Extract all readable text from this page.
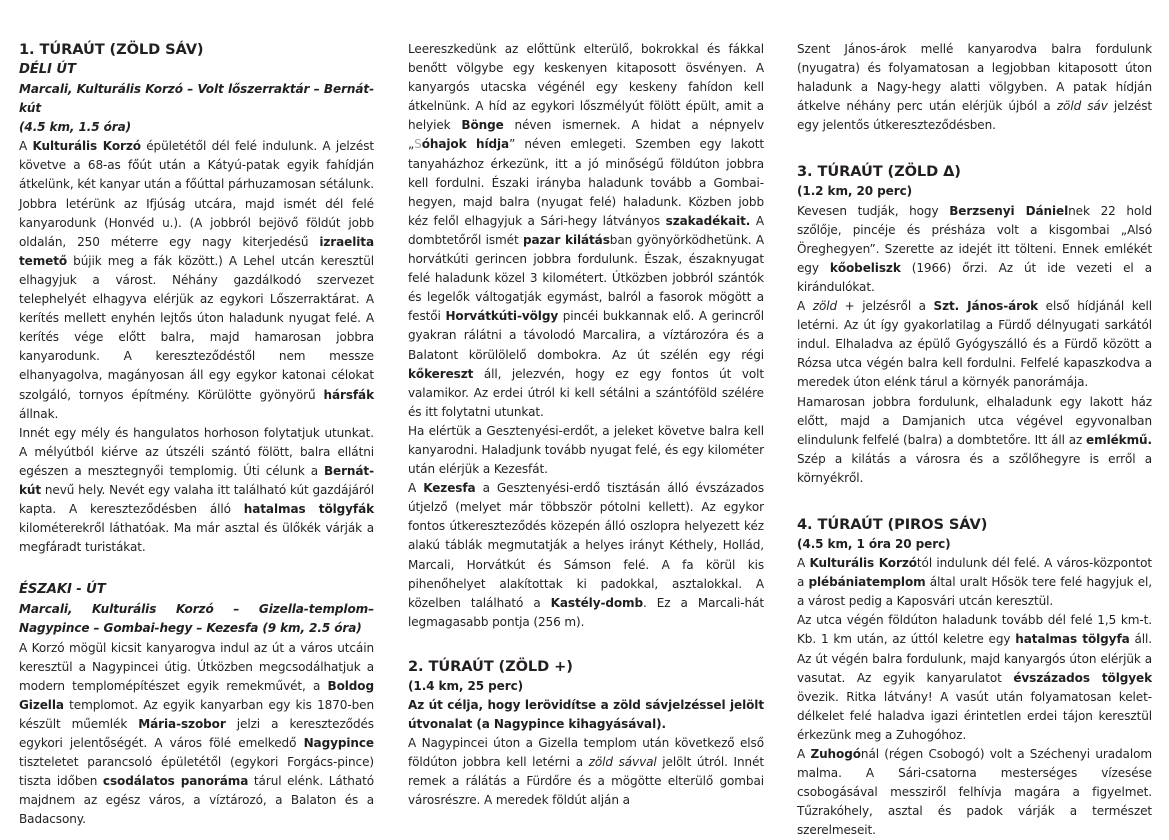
1. TÚRAÚT (ZÖLD SÁV)
DÉLI ÚT

Marcali, Kulturális Korzó – Volt lőszerraktár – Bernát-kút

(4.5 km, 1.5 óra)

A Kulturális Korzó épületétől dél felé indulunk. A jelzést követve a 68-as főút után a Kátyú-patak egyik fahídján átkelünk, két kanyar után a főúttal párhuzamosan sétálunk. Jobbra letérünk az Ifjúság utcára, majd ismét dél felé kanyarodunk (Honvéd u.). (A jobbról bejövő földút jobb oldalán, 250 méterre egy nagy kiterjedésű izraelita temető bújik meg a fák között.) A Lehel utcán keresztül elhagyjuk a várost. Néhány gazdálkodó szervezet telephelyét elhagyva elérjük az egykori Lőszerraktárat. A kerítés mellett enyhén lejtős úton haladunk nyugat felé. A kerítés vége előtt balra, majd hamarosan jobbra kanyarodunk. A kereszteződéstől nem messze elhanyagolva, magányosan áll egy egykor katonai célokat szolgáló, tornyos építmény. Körülötte gyönyörű hársfák állnak.

Innét egy mély és hangulatos horhoson folytatjuk utunkat. A mélyútból kiérve az útszéli szántó fölött, balra ellátni egészen a mesztegnyői templomig. Úti célunk a Bernát-kút nevű hely. Nevét egy valaha itt található kút gazdájáról kapta. A kereszteződésben álló hatalmas tölgyfák kilométerekről láthatóak. Ma már asztal és ülőkék várják a megfáradt turistákat.

ÉSZAKI - ÚT

Marcali, Kulturális Korzó – Gizella-templom– Nagypince – Gombai-hegy – Kezesfa (9 km, 2.5 óra)

A Korzó mögül kicsit kanyarogva indul az út a város utcáin keresztül a Nagypincei útig. Útközben megcsodálhatjuk a modern templomépítészet egyik remekművét, a Boldog Gizella templomot. Az egyik kanyarban egy kis 1870-ben készült műemlék Mária-szobor jelzi a kereszteződés egykori jelentőségét. A város fölé emelkedő Nagypince tiszteletet parancsoló épületétől (egykori Forgács-pince) tiszta időben csodálatos panoráma tárul elénk. Látható majdnem az egész város, a víztározó, a Balaton és a Badacsony.

Leereszkedünk az előttünk elterülő, bokrokkal és fákkal benőtt völgybe egy keskenyen kitaposott ösvényen. A kanyargós utacska végénél egy keskeny fahídon kell átkelnünk. A híd az egykori lőszmélyút fölött épült, amit a helyiek Bönge néven ismernek. A hidat a népnyelv „Sóhajok hídja” néven emlegeti. Szemben egy lakott tanyaházhoz érkezünk, itt a jó minőségű földúton jobbra kell fordulni. Északi irányba haladunk tovább a Gombai-hegyen, majd balra (nyugat felé) haladunk. Közben jobb kéz felől elhagyjuk a Sári-hegy látványos szakadékait. A dombtetőről ismét pazar kilátásban gyönyörködhetünk. A horvátkúti gerincen jobbra fordulunk. Észak, északnyugat felé haladunk közel 3 kilométert. Útközben jobbról szántók és legelők váltogatják egymást, balról a fasorok mögött a festői Horvátkúti-völgy pincéi bukkannak elő. A gerincről gyakran rálátni a távolodó Marcalira, a víztározóra és a Balatont körülölelő dombokra. Az út szélén egy régi kőkereszt áll, jelezvén, hogy ez egy fontos út volt valamikor. Az erdei útról ki kell sétálni a szántóföld szélére és itt folytatni utunkat.

Ha elértük a Gesztenyési-erdőt, a jeleket követve balra kell kanyarodni. Haladjunk tovább nyugat felé, és egy kilométer után elérjük a Kezesfát.

A Kezesfa a Gesztenyési-erdő tisztásán álló évszázados útjelző (melyet már többször pótolni kellett). Az egykor fontos útkereszteződés közepén álló oszlopra helyezett kéz alakú táblák megmutatják a helyes irányt Kéthely, Hollád, Marcali, Horvátkút és Sámson felé. A fa körül kis pihenőhelyet alakítottak ki padokkal, asztalokkal. A közelben található a Kastély-domb. Ez a Marcali-hát legmagasabb pontja (256 m).

2. TÚRAÚT (ZÖLD +)

(1.4 km, 25 perc)

Az út célja, hogy lerövidítse a zöld sávjelzéssel jelölt útvonalat (a Nagypince kihagyásával).

A Nagypincei úton a Gizella templom után következő első földúton jobbra kell letérni a zöld sávval jelölt útról. Innét remek a rálátás a Fürdőre és a mögötte elterülő gombai városrészre. A meredek földút alján a

Szent János-árok mellé kanyarodva balra fordulunk (nyugatra) és folyamatosan a legjobban kitaposott úton haladunk a Nagy-hegy alatti völgyben. A patak hídján átkelve néhány perc után elérjük újból a zöld sáv jelzést egy jelentős útkereszteződésben.

3. TÚRAÚT (ZÖLD Δ)

(1.2 km, 20 perc)

Kevesen tudják, hogy Berzsenyi Dánielnek 22 hold szőlője, pincéje és présháza volt a kisgombai „Alsó Öreghegyen”. Szerette az idejét itt tölteni. Ennek emlékét egy kőobeliszk (1966) őrzi. Az út ide vezeti el a kirándulókat.

A zöld + jelzésről a Szt. János-árok első hídjánál kell letérni. Az út így gyakorlatilag a Fürdő délnyugati sarkától indul. Elhaladva az épülő Gyógyszálló és a Fürdő között a Rózsa utca végén balra kell fordulni. Felfelé kapaszkodva a meredek úton elénk tárul a környék panorámája.

Hamarosan jobbra fordulunk, elhaladunk egy lakott ház előtt, majd a Damjanich utca végével egyvonalban elindulunk felfelé (balra) a dombtetőre. Itt áll az emlékmű. Szép a kilátás a városra és a szőlőhegyre is erről a környékről.

4. TÚRAÚT (PIROS SÁV)

(4.5 km, 1 óra 20 perc)

A Kulturális Korzótól indulunk dél felé. A város-központot a plébániatemplom által uralt Hősök tere felé hagyjuk el, a várost pedig a Kaposvári utcán keresztül.

Az utca végén földúton haladunk tovább dél felé 1,5 km-t. Kb. 1 km után, az úttól keletre egy hatalmas tölgyfa áll. Az út végén balra fordulunk, majd kanyargós úton elérjük a vasutat. Az egyik kanyarulatot évszázados tölgyek övezik. Ritka látvány! A vasút után folyamatosan kelet-délkelet felé haladva igazi érintetlen erdei tájon keresztül érkezünk meg a Zuhogóhoz.

A Zuhogónál (régen Csobogó) volt a Széchenyi uradalom malma. A Sári-csatorna mesterséges vízesése csobogásával messziről felhívja magára a figyelmet. Tűzrakóhely, asztal és padok várják a természet szerelmeseit.
